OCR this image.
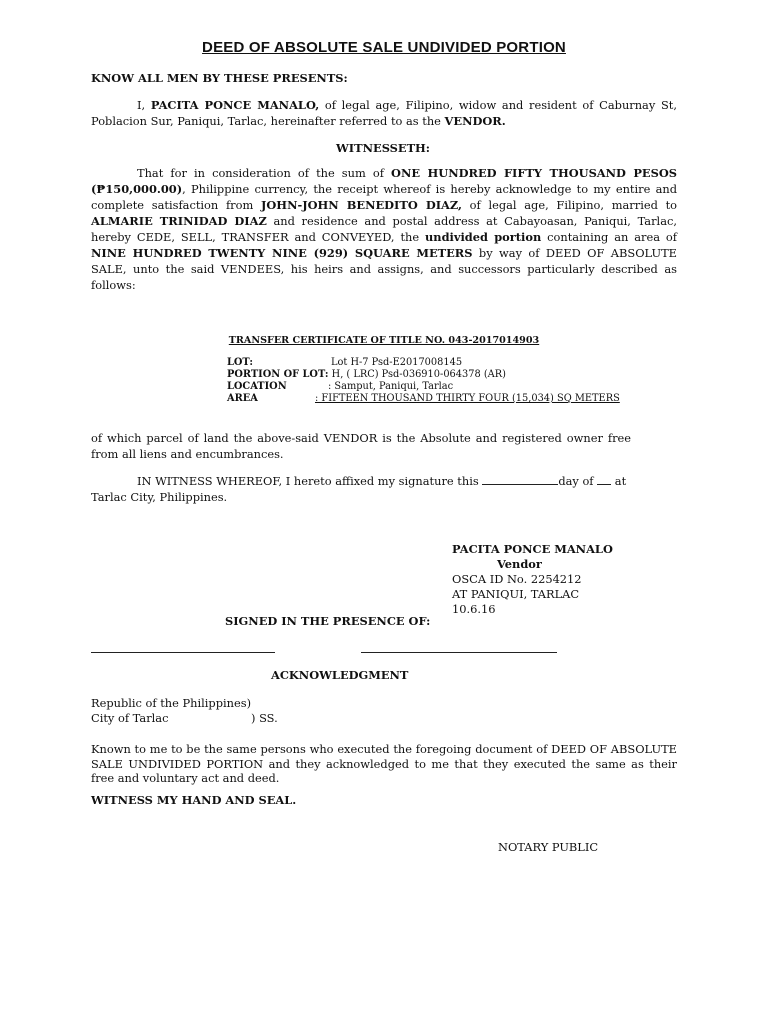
DEED OF ABSOLUTE SALE UNDIVIDED PORTION
KNOW ALL MEN BY THESE PRESENTS:

I, PACITA PONCE MANALO, of legal age, Filipino, widow and resident of Caburnay St, Poblacion Sur, Paniqui, Tarlac, hereinafter referred to as the VENDOR.

WITNESSETH:

That for in consideration of the sum of ONE HUNDRED FIFTY THOUSAND PESOS (₱150,000.00), Philippine currency, the receipt whereof is hereby acknowledge to my entire and complete satisfaction from JOHN-JOHN BENEDITO DIAZ, of legal age, Filipino, married to ALMARIE TRINIDAD DIAZ and residence and postal address at Cabayoasan, Paniqui, Tarlac, hereby CEDE, SELL, TRANSFER and CONVEYED, the undivided portion containing an area of NINE HUNDRED TWENTY NINE (929) SQUARE METERS by way of DEED OF ABSOLUTE SALE, unto the said VENDEES, his heirs and assigns, and successors particularly described as follows:

TRANSFER CERTIFICATE OF TITLE NO. 043-2017014903
LOT:	Lot H-7 Psd-E2017008145
PORTION OF LOT: H, ( LRC) Psd-036910-064378 (AR)
LOCATION	: Samput, Paniqui, Tarlac
AREA	: FIFTEEN THOUSAND THIRTY FOUR (15,034) SQ METERS
of which parcel of land the above-said VENDOR is the Absolute and registered owner free from all liens and encumbrances.
IN WITNESS WHEREOF, I hereto affixed my signature this	day of  at
Tarlac City, Philippines.
PACITA PONCE MANALO
Vendor
OSCA ID No. 2254212
AT PANIQUI, TARLAC
10.6.16
SIGNED IN THE PRESENCE OF:
ACKNOWLEDGMENT
Republic of the Philippines)
City of Tarlac	) SS.
Known to me to be the same persons who executed the foregoing document of DEED OF ABSOLUTE SALE UNDIVIDED PORTION and they acknowledged to me that they executed the same as their free and voluntary act and deed.
WITNESS MY HAND AND SEAL.
NOTARY PUBLIC
